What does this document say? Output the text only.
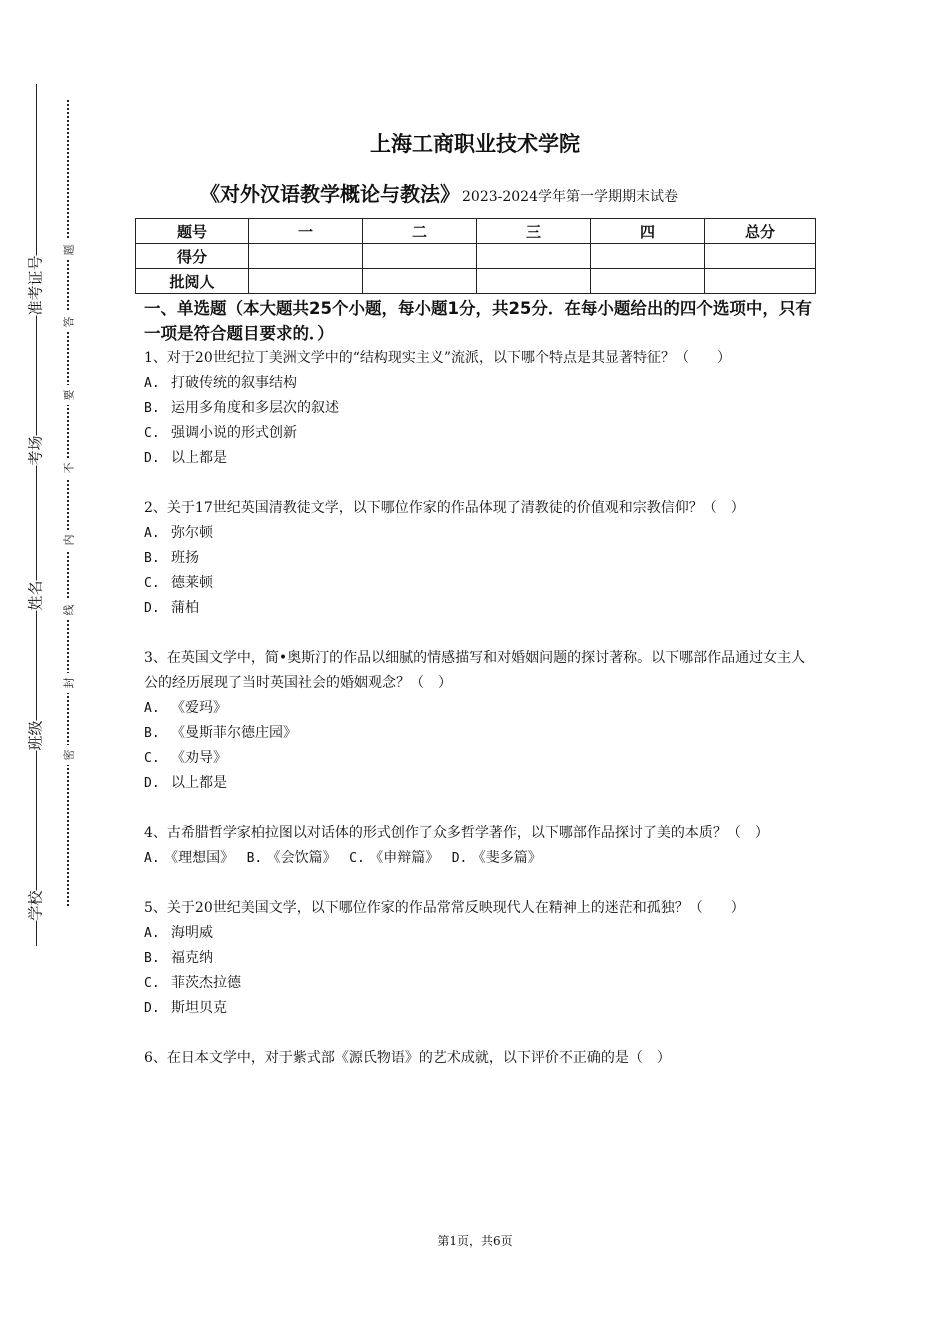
准考证号
考场
姓名
班级
学校
题
答
要
不
内
线
封
密
上海工商职业技术学院
《对外汉语教学概论与教法》 2023-2024学年第一学期期末试卷
题号	一	二	三	四	总分
得分					
批阅人					
一、单选题（本大题共25个小题，每小题1分，共25分．在每小题给出的四个选项中，只有一项是符合题目要求的．）
1、对于20世纪拉丁美洲文学中的“结构现实主义”流派，以下哪个特点是其显著特征？（　　）
A. 打破传统的叙事结构
B. 运用多角度和多层次的叙述
C. 强调小说的形式创新
D. 以上都是
2、关于17世纪英国清教徒文学，以下哪位作家的作品体现了清教徒的价值观和宗教信仰？（　）
A. 弥尔顿
B. 班扬
C. 德莱顿
D. 蒲柏
3、在英国文学中，简•奥斯汀的作品以细腻的情感描写和对婚姻问题的探讨著称。以下哪部作品通过女主人公的经历展现了当时英国社会的婚姻观念？（　）
A. 《爱玛》
B. 《曼斯菲尔德庄园》
C. 《劝导》
D. 以上都是
4、古希腊哲学家柏拉图以对话体的形式创作了众多哲学著作，以下哪部作品探讨了美的本质？（　）
A. 《理想国》 B. 《会饮篇》 C. 《申辩篇》 D. 《斐多篇》
5、关于20世纪美国文学，以下哪位作家的作品常常反映现代人在精神上的迷茫和孤独？（　　）
A. 海明威
B. 福克纳
C. 菲茨杰拉德
D. 斯坦贝克
6、在日本文学中，对于紫式部《源氏物语》的艺术成就，以下评价不正确的是（　）
第1页，共6页
